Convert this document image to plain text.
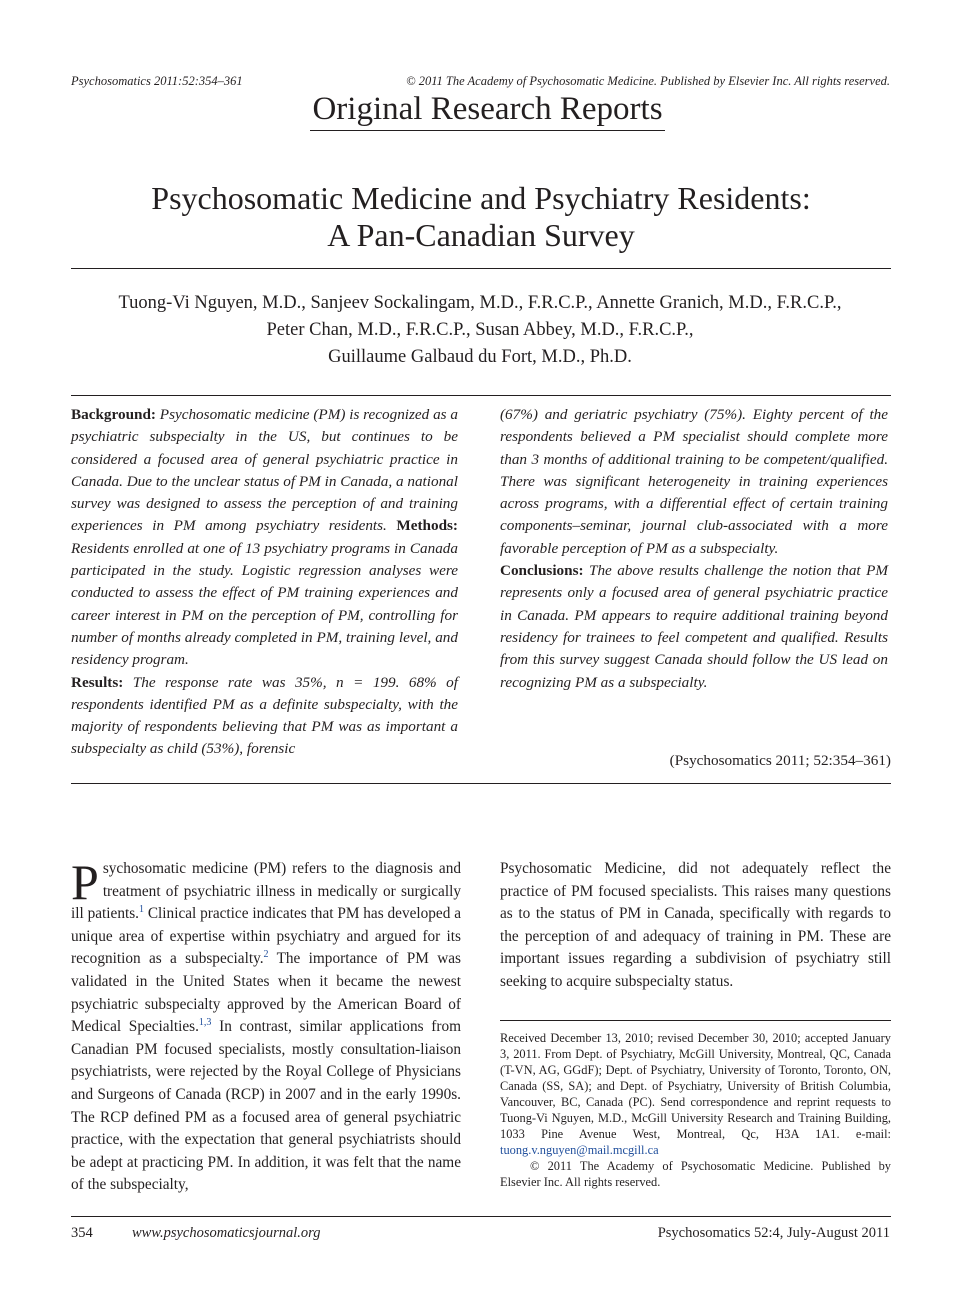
Psychosomatics 2011:52:354–361	© 2011 The Academy of Psychosomatic Medicine. Published by Elsevier Inc. All rights reserved.
Original Research Reports
Psychosomatic Medicine and Psychiatry Residents:
A Pan-Canadian Survey
Tuong-Vi Nguyen, M.D., Sanjeev Sockalingam, M.D., F.R.C.P., Annette Granich, M.D., F.R.C.P.,
Peter Chan, M.D., F.R.C.P., Susan Abbey, M.D., F.R.C.P.,
Guillaume Galbaud du Fort, M.D., Ph.D.
Background: Psychosomatic medicine (PM) is recognized as a psychiatric subspecialty in the US, but continues to be considered a focused area of general psychiatric practice in Canada. Due to the unclear status of PM in Canada, a national survey was designed to assess the perception of and training experiences in PM among psychiatry residents. Methods: Residents enrolled at one of 13 psychiatry programs in Canada participated in the study. Logistic regression analyses were conducted to assess the effect of PM training experiences and career interest in PM on the perception of PM, controlling for number of months already completed in PM, training level, and residency program.
Results: The response rate was 35%, n = 199. 68% of respondents identified PM as a definite subspecialty, with the majority of respondents believing that PM was as important a subspecialty as child (53%), forensic
(67%) and geriatric psychiatry (75%). Eighty percent of the respondents believed a PM specialist should complete more than 3 months of additional training to be competent/qualified. There was significant heterogeneity in training experiences across programs, with a differential effect of certain training components–seminar, journal club-associated with a more favorable perception of PM as a subspecialty.
Conclusions: The above results challenge the notion that PM represents only a focused area of general psychiatric practice in Canada. PM appears to require additional training beyond residency for trainees to feel competent and qualified. Results from this survey suggest Canada should follow the US lead on recognizing PM as a subspecialty.
(Psychosomatics 2011; 52:354–361)
Psychosomatic medicine (PM) refers to the diagnosis and treatment of psychiatric illness in medically or surgically ill patients.$^1$ Clinical practice indicates that PM has developed a unique area of expertise within psychiatry and argued for its recognition as a subspecialty.$^2$ The importance of PM was validated in the United States when it became the newest psychiatric subspecialty approved by the American Board of Medical Specialties.$^{1,3}$ In contrast, similar applications from Canadian PM focused specialists, mostly consultation-liaison psychiatrists, were rejected by the Royal College of Physicians and Surgeons of Canada (RCP) in 2007 and in the early 1990s. The RCP defined PM as a focused area of general psychiatric practice, with the expectation that general psychiatrists should be adept at practicing PM. In addition, it was felt that the name of the subspecialty,
Psychosomatic Medicine, did not adequately reflect the practice of PM focused specialists. This raises many questions as to the status of PM in Canada, specifically with regards to the perception of and adequacy of training in PM. These are important issues regarding a subdivision of psychiatry still seeking to acquire subspecialty status.

Received December 13, 2010; revised December 30, 2010; accepted January 3, 2011. From Dept. of Psychiatry, McGill University, Montreal, QC, Canada (T-VN, AG, GGdF); Dept. of Psychiatry, University of Toronto, Toronto, ON, Canada (SS, SA); and Dept. of Psychiatry, University of British Columbia, Vancouver, BC, Canada (PC). Send correspondence and reprint requests to Tuong-Vi Nguyen, M.D., McGill University Research and Training Building, 1033 Pine Avenue West, Montreal, Qc, H3A 1A1. e-mail: tuong.v.nguyen@mail.mcgill.ca

© 2011 The Academy of Psychosomatic Medicine. Published by Elsevier Inc. All rights reserved.

354	www.psychosomaticsjournal.org	Psychosomatics 52:4, July-August 2011
